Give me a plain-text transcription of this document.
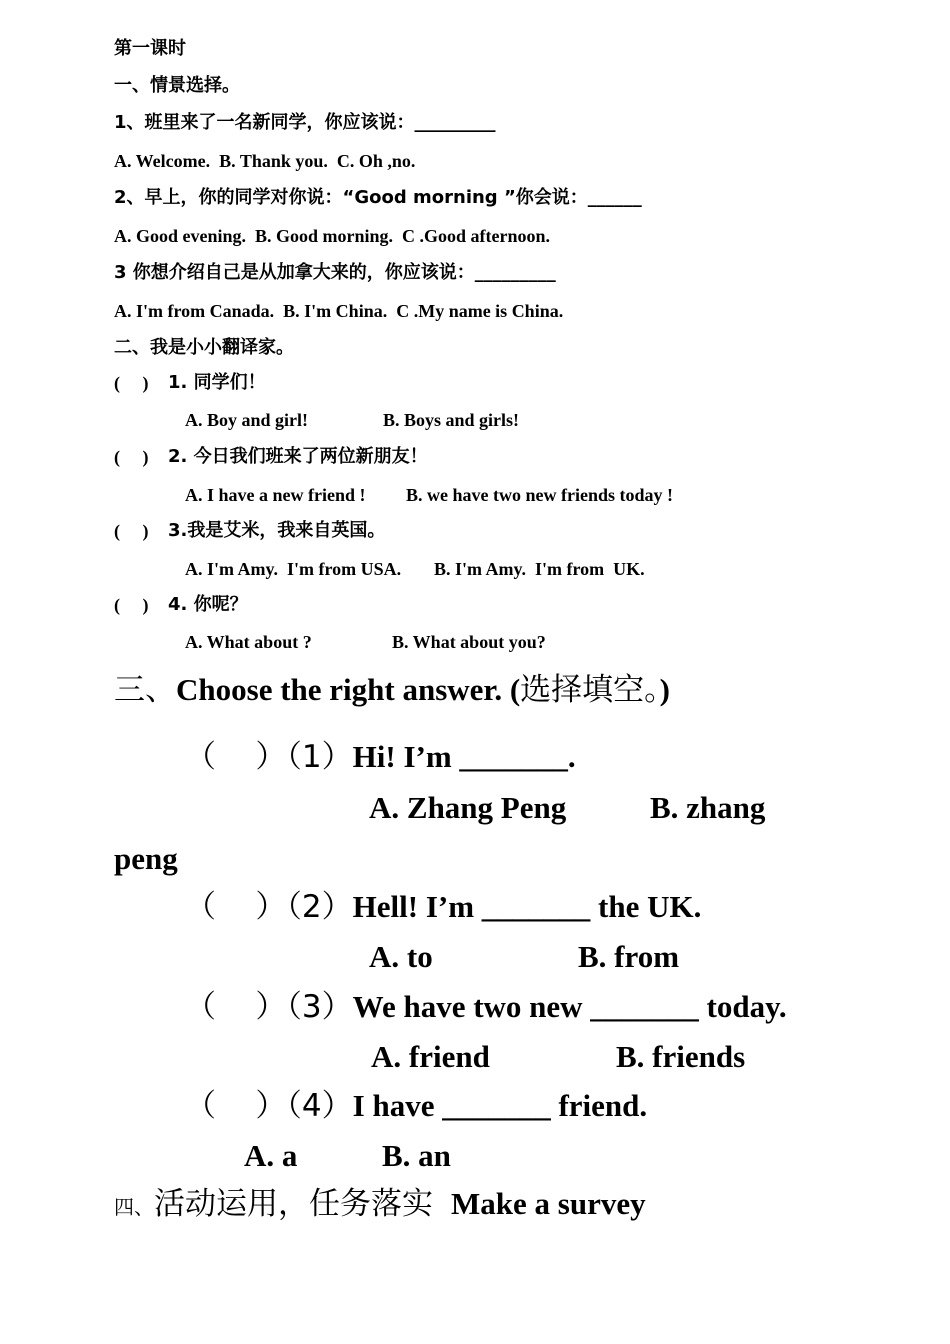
第一课时
一、情景选择。
1、班里来了一名新同学，你应该说：_________
A. Welcome.  B. Thank you.  C. Oh ,no.
2、早上，你的同学对你说：“Good morning ”你会说：______
A. Good evening.  B. Good morning.  C .Good afternoon.
3 你想介绍自己是从加拿大来的，你应该说：_________
A. I'm from Canada.  B. I'm China.  C .My name is China.
二、我是小小翻译家。
(     ) 1. 同学们！
A. Boy and girl!	B. Boys and girls!
(     ) 2. 今日我们班来了两位新朋友！
A. I have a new friend ! B. we have two new friends today !
(     ) 3.我是艾米，我来自英国。
A. I'm Amy.  I'm from USA. B. I'm Amy.  I'm from  UK.
(     ) 4. 你呢？
A. What about ?	B. What about you?
三、Choose the right answer. (选择填空。)
（    ）（1）Hi! I’m _______.
A. Zhang Peng	B. zhang
peng
（    ）（2）Hell! I’m _______ the UK.
A. to	B. from
（    ）（3）We have two new _______ today.
A. friend	B. friends
（    ）（4）I have _______ friend.
A. a	B. an
四、活动运用，任务落实 Make a survey
